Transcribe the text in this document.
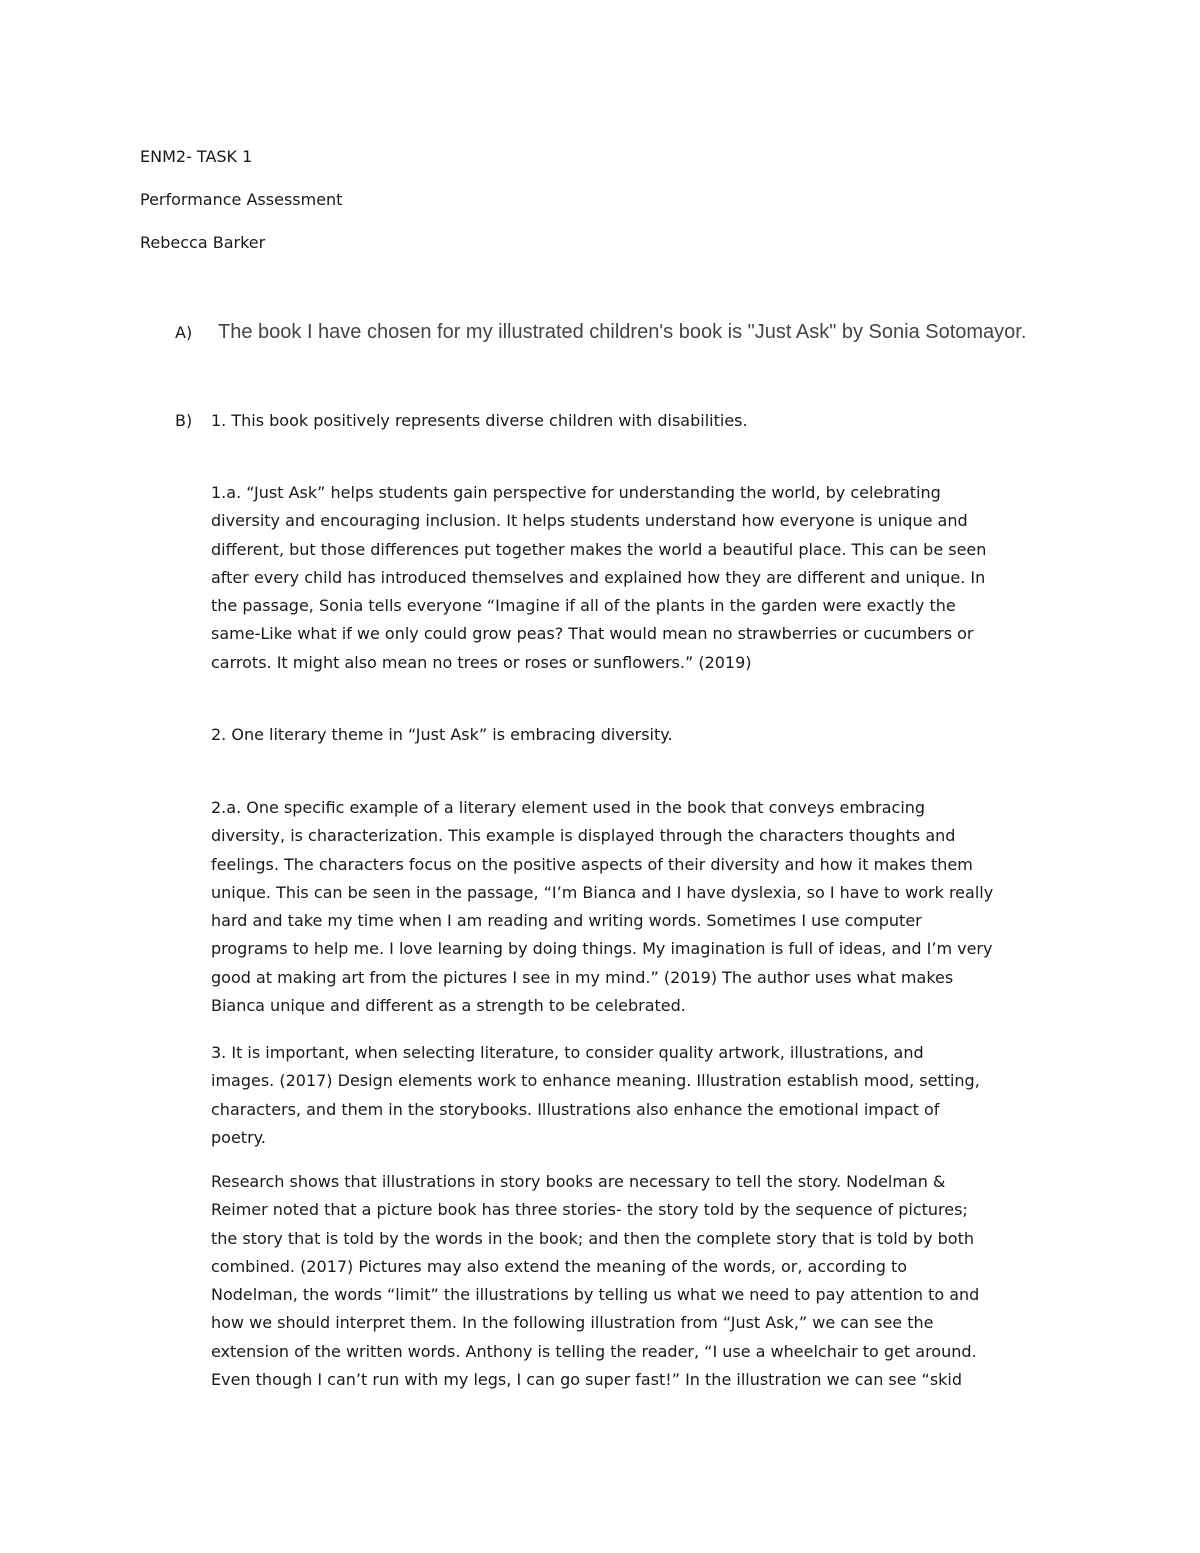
ENM2- TASK 1
Performance Assessment
Rebecca Barker
A) The book I have chosen for my illustrated children's book is "Just Ask" by Sonia Sotomayor.
B) 1. This book positively represents diverse children with disabilities.
1.a. “Just Ask” helps students gain perspective for understanding the world, by celebrating
diversity and encouraging inclusion. It helps students understand how everyone is unique and
different, but those differences put together makes the world a beautiful place. This can be seen
after every child has introduced themselves and explained how they are different and unique. In
the passage, Sonia tells everyone “Imagine if all of the plants in the garden were exactly the
same-Like what if we only could grow peas? That would mean no strawberries or cucumbers or
carrots. It might also mean no trees or roses or sunflowers.” (2019)
2. One literary theme in “Just Ask” is embracing diversity.
2.a. One specific example of a literary element used in the book that conveys embracing
diversity, is characterization. This example is displayed through the characters thoughts and
feelings. The characters focus on the positive aspects of their diversity and how it makes them
unique. This can be seen in the passage, “I’m Bianca and I have dyslexia, so I have to work really
hard and take my time when I am reading and writing words. Sometimes I use computer
programs to help me. I love learning by doing things. My imagination is full of ideas, and I’m very
good at making art from the pictures I see in my mind.” (2019) The author uses what makes
Bianca unique and different as a strength to be celebrated.
3. It is important, when selecting literature, to consider quality artwork, illustrations, and
images. (2017) Design elements work to enhance meaning. Illustration establish mood, setting,
characters, and them in the storybooks. Illustrations also enhance the emotional impact of
poetry.
Research shows that illustrations in story books are necessary to tell the story. Nodelman &
Reimer noted that a picture book has three stories- the story told by the sequence of pictures;
the story that is told by the words in the book; and then the complete story that is told by both
combined. (2017) Pictures may also extend the meaning of the words, or, according to
Nodelman, the words “limit” the illustrations by telling us what we need to pay attention to and
how we should interpret them. In the following illustration from “Just Ask,” we can see the
extension of the written words. Anthony is telling the reader, “I use a wheelchair to get around.
Even though I can’t run with my legs, I can go super fast!” In the illustration we can see “skid
